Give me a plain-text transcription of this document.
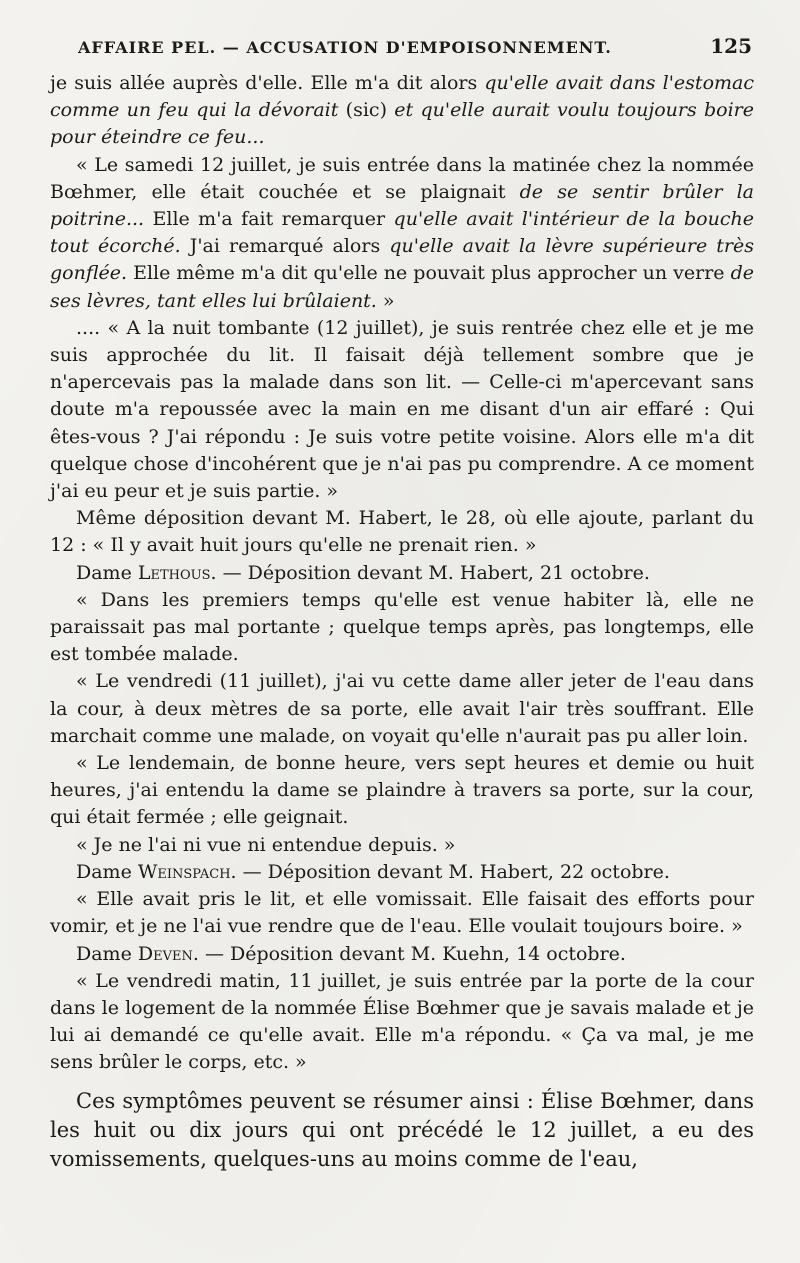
AFFAIRE PEL. — ACCUSATION D'EMPOISONNEMENT.	125

je suis allée auprès d'elle. Elle m'a dit alors qu'elle avait dans l'estomac comme un feu qui la dévorait (sic) et qu'elle aurait voulu toujours boire pour éteindre ce feu...

« Le samedi 12 juillet, je suis entrée dans la matinée chez la nommée Bœhmer, elle était couchée et se plaignait de se sentir brûler la poitrine... Elle m'a fait remarquer qu'elle avait l'intérieur de la bouche tout écorché. J'ai remarqué alors qu'elle avait la lèvre supérieure très gonflée. Elle même m'a dit qu'elle ne pouvait plus approcher un verre de ses lèvres, tant elles lui brûlaient. »

.... « A la nuit tombante (12 juillet), je suis rentrée chez elle et je me suis approchée du lit. Il faisait déjà tellement sombre que je n'apercevais pas la malade dans son lit. — Celle-ci m'apercevant sans doute m'a repoussée avec la main en me disant d'un air effaré : Qui êtes-vous ? J'ai répondu : Je suis votre petite voisine. Alors elle m'a dit quelque chose d'incohérent que je n'ai pas pu comprendre. A ce moment j'ai eu peur et je suis partie. »

Même déposition devant M. Habert, le 28, où elle ajoute, parlant du 12 : « Il y avait huit jours qu'elle ne prenait rien. »

Dame Lethous. — Déposition devant M. Habert, 21 octobre.

« Dans les premiers temps qu'elle est venue habiter là, elle ne paraissait pas mal portante ; quelque temps après, pas longtemps, elle est tombée malade.

« Le vendredi (11 juillet), j'ai vu cette dame aller jeter de l'eau dans la cour, à deux mètres de sa porte, elle avait l'air très souffrant. Elle marchait comme une malade, on voyait qu'elle n'aurait pas pu aller loin.

« Le lendemain, de bonne heure, vers sept heures et demie ou huit heures, j'ai entendu la dame se plaindre à travers sa porte, sur la cour, qui était fermée ; elle geignait.

« Je ne l'ai ni vue ni entendue depuis. »

Dame Weinspach. — Déposition devant M. Habert, 22 octobre.

« Elle avait pris le lit, et elle vomissait. Elle faisait des efforts pour vomir, et je ne l'ai vue rendre que de l'eau. Elle voulait toujours boire. »

Dame Deven. — Déposition devant M. Kuehn, 14 octobre.

« Le vendredi matin, 11 juillet, je suis entrée par la porte de la cour dans le logement de la nommée Élise Bœhmer que je savais malade et je lui ai demandé ce qu'elle avait. Elle m'a répondu. « Ça va mal, je me sens brûler le corps, etc. »

Ces symptômes peuvent se résumer ainsi : Élise Bœhmer, dans les huit ou dix jours qui ont précédé le 12 juillet, a eu des vomissements, quelques-uns au moins comme de l'eau,
